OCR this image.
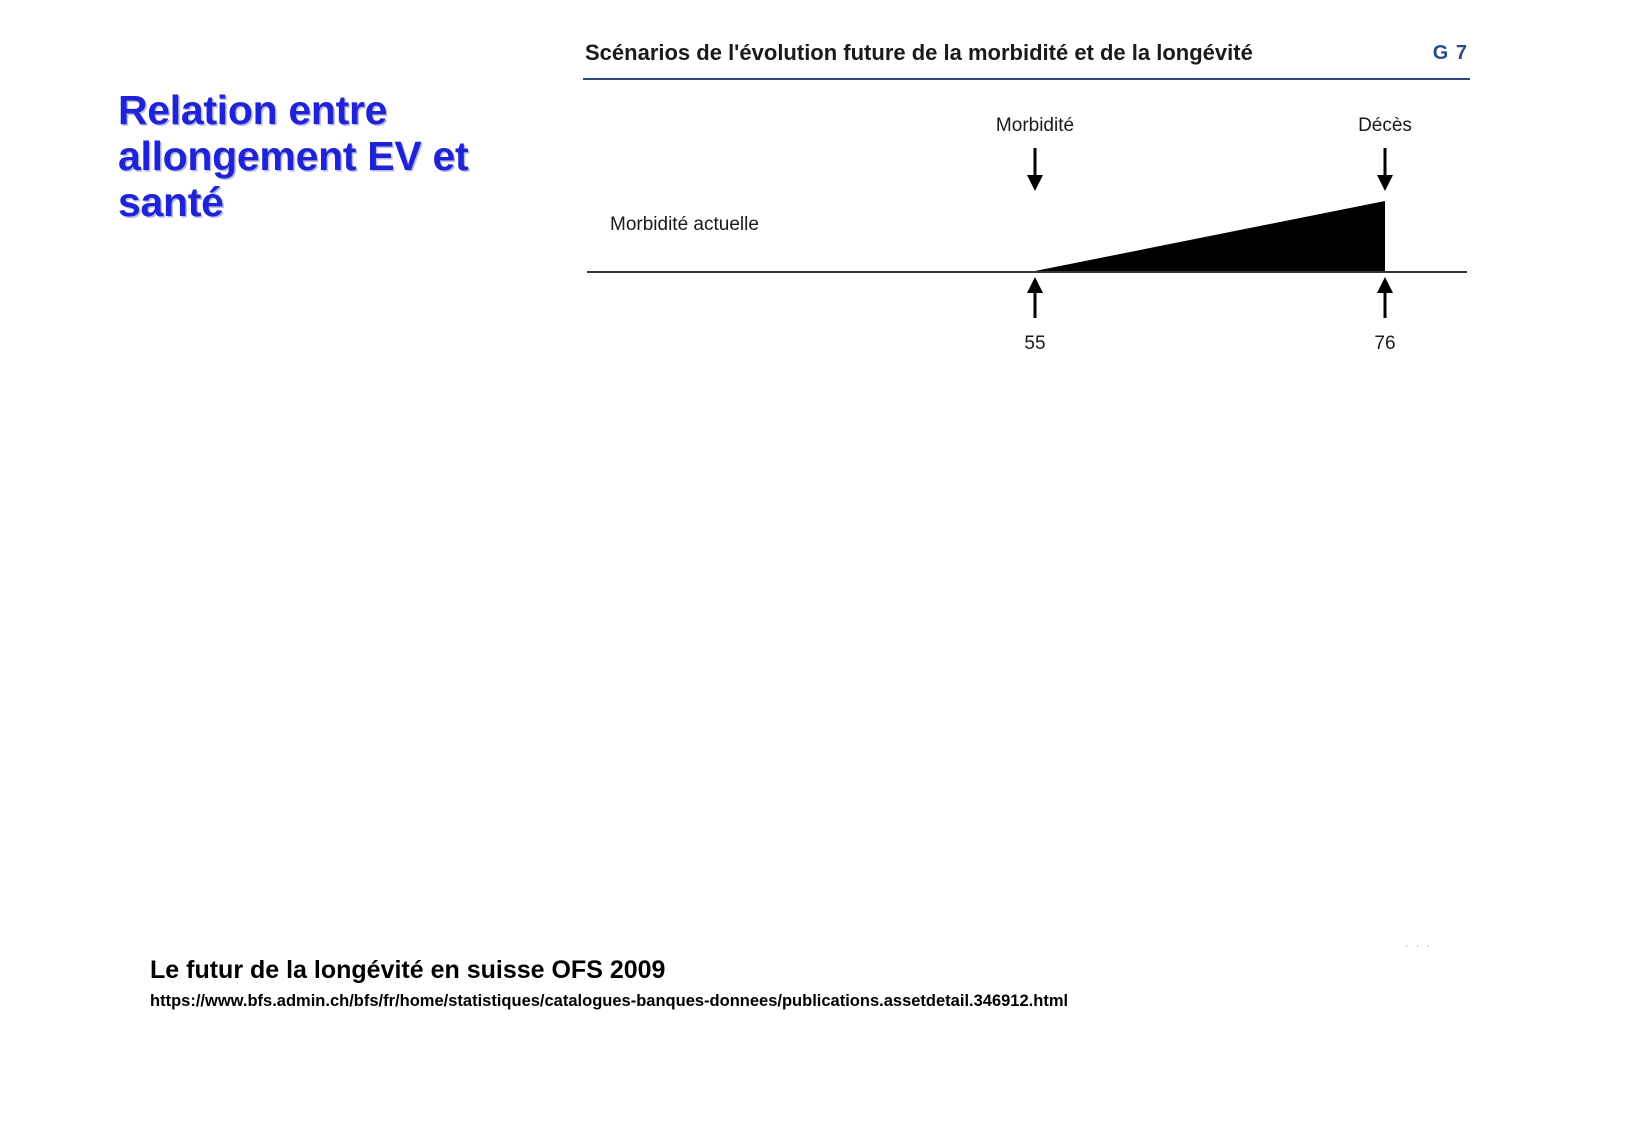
Relation entre allongement EV et santé
Scénarios de l'évolution future de la morbidité et de la longévité	G 7
Morbidité	Décès
Morbidité actuelle
55	76
Le futur de la longévité en suisse OFS 2009
https://www.bfs.admin.ch/bfs/fr/home/statistiques/catalogues-banques-donnees/publications.assetdetail.346912.html
· · ·
